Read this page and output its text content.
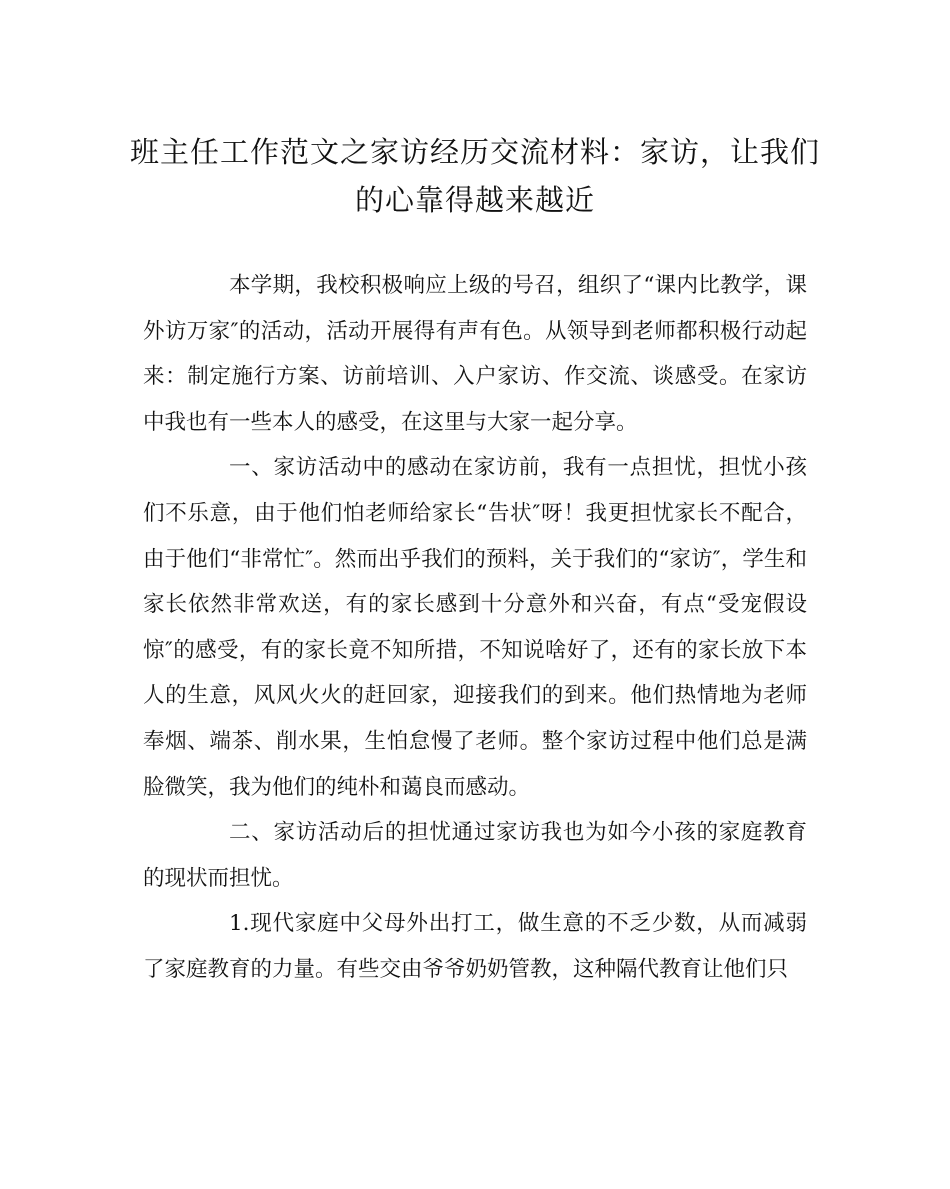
班主任工作范文之家访经历交流材料：家访，让我们
的心靠得越来越近

本学期，我校积极响应上级的号召，组织了“课内比教学，课外访万家″的活动，活动开展得有声有色。从领导到老师都积极行动起来：制定施行方案、访前培训、入户家访、作交流、谈感受。在家访中我也有一些本人的感受，在这里与大家一起分享。

一、家访活动中的感动在家访前，我有一点担忧，担忧小孩们不乐意，由于他们怕老师给家长“告状″呀！我更担忧家长不配合，由于他们“非常忙″。然而出乎我们的预料，关于我们的“家访″，学生和家长依然非常欢送，有的家长感到十分意外和兴奋，有点“受宠假设惊″的感受，有的家长竟不知所措，不知说啥好了，还有的家长放下本人的生意，风风火火的赶回家，迎接我们的到来。他们热情地为老师奉烟、端茶、削水果，生怕怠慢了老师。整个家访过程中他们总是满脸微笑，我为他们的纯朴和蔼良而感动。

二、家访活动后的担忧通过家访我也为如今小孩的家庭教育的现状而担忧。

1.现代家庭中父母外出打工，做生意的不乏少数，从而减弱了家庭教育的力量。有些交由爷爷奶奶管教，这种隔代教育让他们只
